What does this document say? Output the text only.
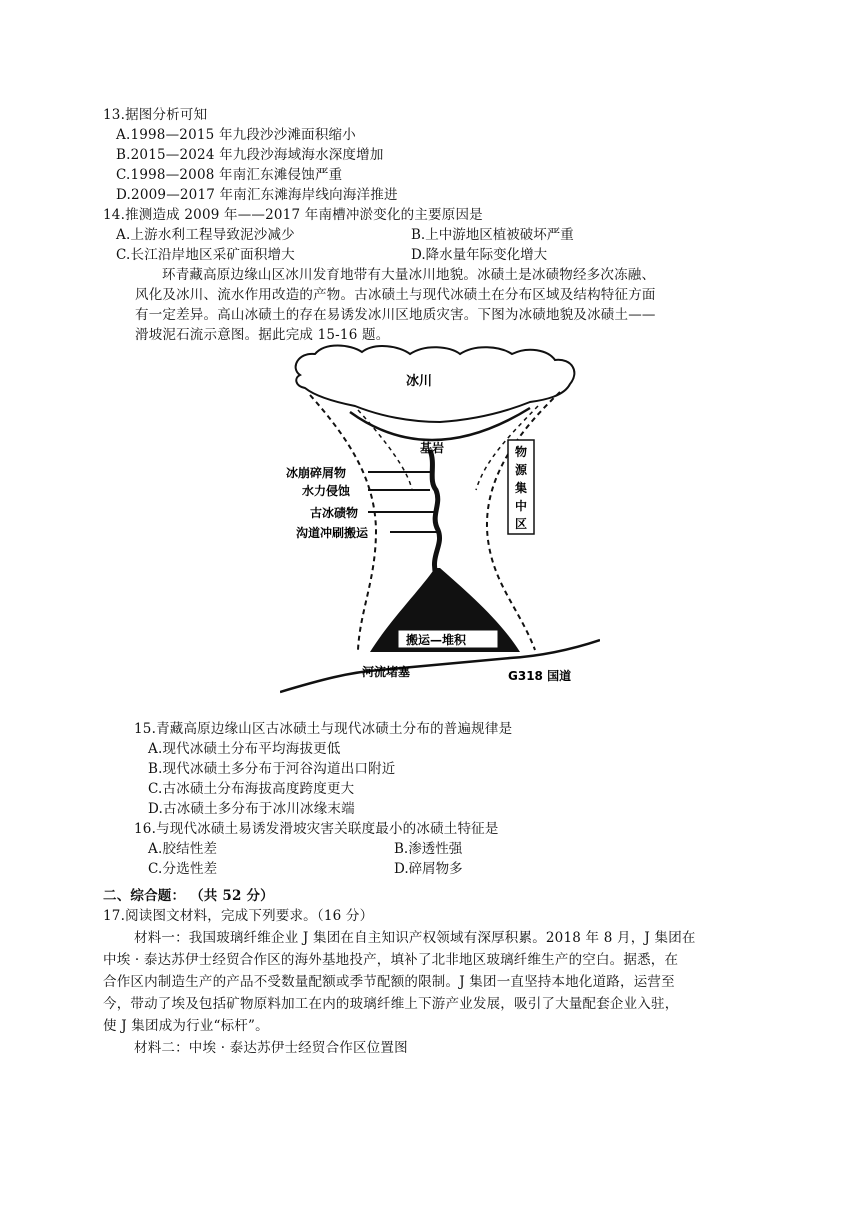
13.据图分析可知
A.1998—2015 年九段沙沙滩面积缩小
B.2015—2024 年九段沙海域海水深度增加
C.1998—2008 年南汇东滩侵蚀严重
D.2009—2017 年南汇东滩海岸线向海洋推进
14.推测造成 2009 年——2017 年南槽冲淤变化的主要原因是
A.上游水利工程导致泥沙减少	B.上中游地区植被破坏严重
C.长江沿岸地区采矿面积增大	D.降水量年际变化增大
环青藏高原边缘山区冰川发育地带有大量冰川地貌。冰碛土是冰碛物经多次冻融、
风化及冰川、流水作用改造的产物。古冰碛土与现代冰碛土在分布区域及结构特征方面
有一定差异。高山冰碛土的存在易诱发冰川区地质灾害。下图为冰碛地貌及冰碛土——
滑坡泥石流示意图。据此完成 15-16 题。
冰川
基岩
冰崩碎屑物
水力侵蚀
古冰碛物
沟道冲刷搬运
物
源
集
中
区
搬运—堆积
河流堵塞	G318 国道
15.青藏高原边缘山区古冰碛土与现代冰碛土分布的普遍规律是
A.现代冰碛土分布平均海拔更低
B.现代冰碛土多分布于河谷沟道出口附近
C.古冰碛土分布海拔高度跨度更大
D.古冰碛土多分布于冰川冰缘末端
16.与现代冰碛土易诱发滑坡灾害关联度最小的冰碛土特征是
A.胶结性差	B.渗透性强
C.分选性差	D.碎屑物多
二、综合题： （共 52 分）
17.阅读图文材料，完成下列要求。（16 分）
材料一：我国玻璃纤维企业 J 集团在自主知识产权领域有深厚积累。2018 年 8 月，J 集团在
中埃 · 泰达苏伊士经贸合作区的海外基地投产，填补了北非地区玻璃纤维生产的空白。据悉，在
合作区内制造生产的产品不受数量配额或季节配额的限制。J 集团一直坚持本地化道路，运营至
今，带动了埃及包括矿物原料加工在内的玻璃纤维上下游产业发展，吸引了大量配套企业入驻，
使 J 集团成为行业“标杆”。
材料二：中埃 · 泰达苏伊士经贸合作区位置图
